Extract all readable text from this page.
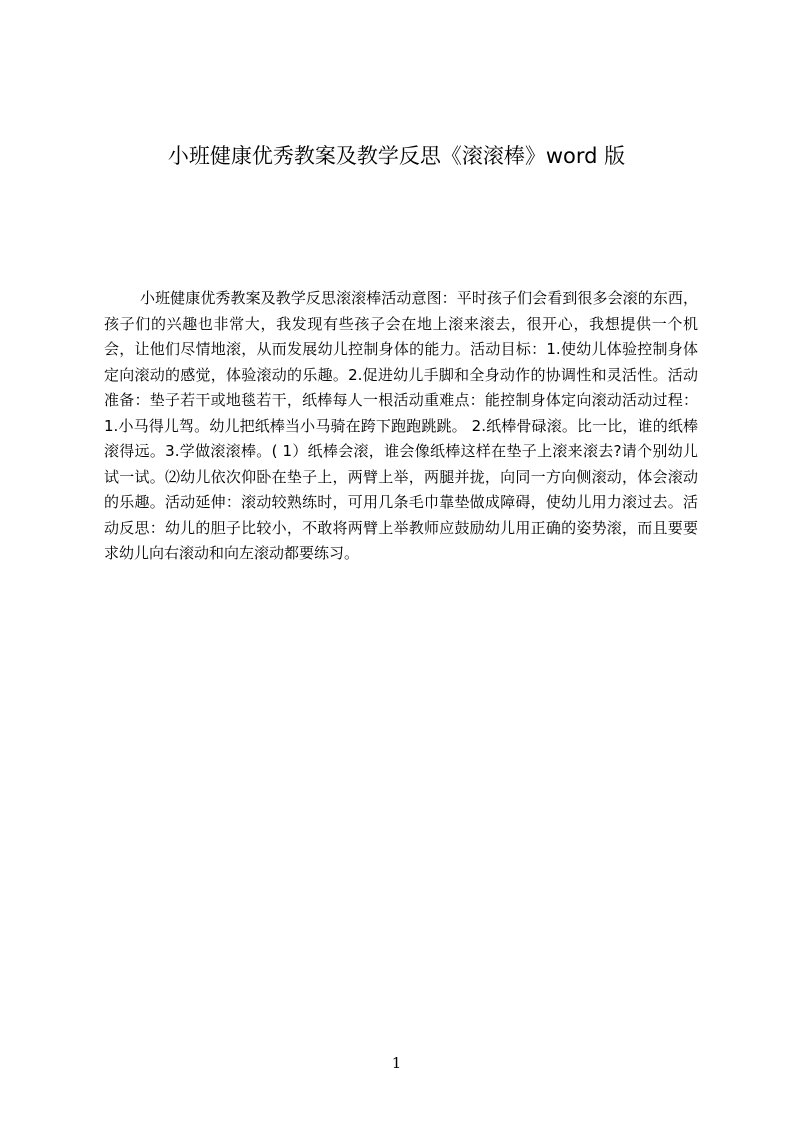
小班健康优秀教案及教学反思《滚滚棒》word 版

小班健康优秀教案及教学反思滚滚棒活动意图：平时孩子们会看到很多会滚的东西，孩子们的兴趣也非常大，我发现有些孩子会在地上滚来滚去，很开心，我想提供一个机会，让他们尽情地滚，从而发展幼儿控制身体的能力。活动目标：1.使幼儿体验控制身体定向滚动的感觉，体验滚动的乐趣。2.促进幼儿手脚和全身动作的协调性和灵活性。活动准备：垫子若干或地毯若干，纸棒每人一根活动重难点：能控制身体定向滚动活动过程：1.小马得儿驾。幼儿把纸棒当小马骑在跨下跑跑跳跳。 2.纸棒骨碌滚。比一比，谁的纸棒滚得远。3.学做滚滚棒。( 1）纸棒会滚，谁会像纸棒这样在垫子上滚来滚去?请个别幼儿试一试。⑵幼儿依次仰卧在垫子上，两臂上举，两腿并拢，向同一方向侧滚动，体会滚动的乐趣。活动延伸：滚动较熟练时，可用几条毛巾靠垫做成障碍，使幼儿用力滚过去。活动反思：幼儿的胆子比较小，不敢将两臂上举教师应鼓励幼儿用正确的姿势滚，而且要要求幼儿向右滚动和向左滚动都要练习。

1
